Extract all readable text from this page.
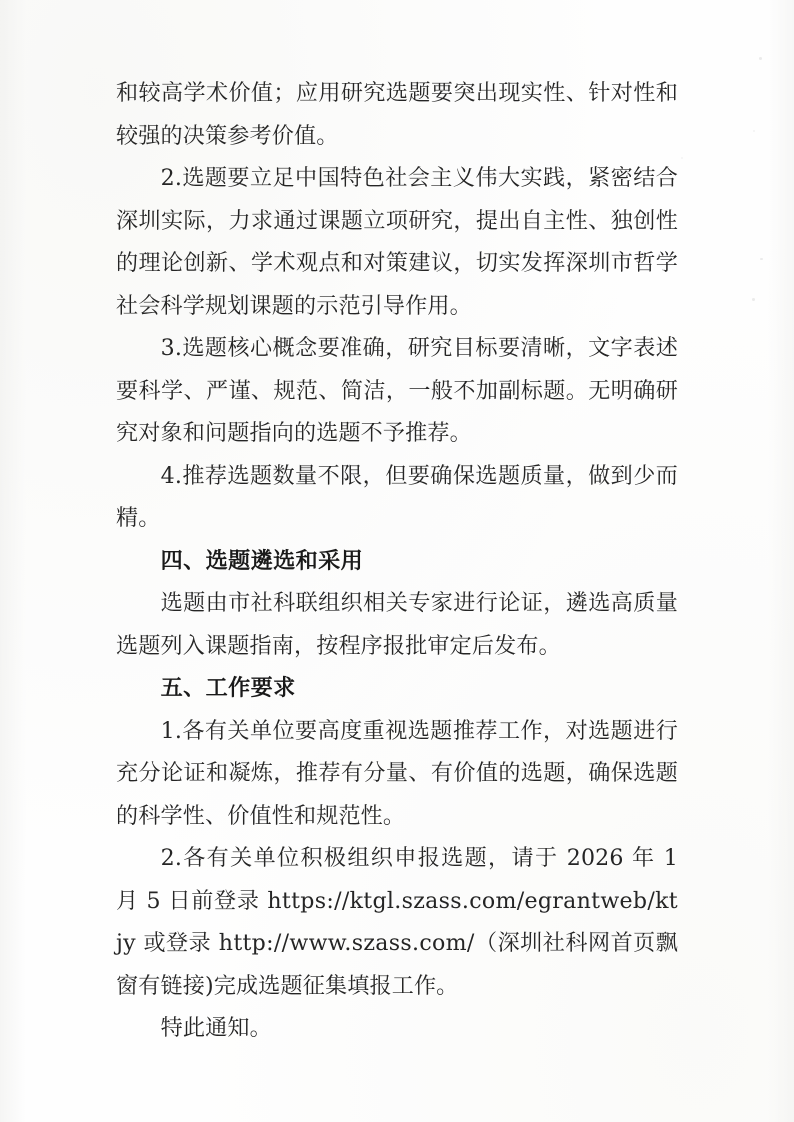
和较高学术价值；应用研究选题要突出现实性、针对性和较强的决策参考价值。

2.选题要立足中国特色社会主义伟大实践，紧密结合深圳实际，力求通过课题立项研究，提出自主性、独创性的理论创新、学术观点和对策建议，切实发挥深圳市哲学社会科学规划课题的示范引导作用。

3.选题核心概念要准确，研究目标要清晰，文字表述要科学、严谨、规范、简洁，一般不加副标题。无明确研究对象和问题指向的选题不予推荐。

4.推荐选题数量不限，但要确保选题质量，做到少而精。

四、选题遴选和采用

选题由市社科联组织相关专家进行论证，遴选高质量选题列入课题指南，按程序报批审定后发布。

五、工作要求

1.各有关单位要高度重视选题推荐工作，对选题进行充分论证和凝炼，推荐有分量、有价值的选题，确保选题的科学性、价值性和规范性。

2.各有关单位积极组织申报选题，请于 2026 年 1 月 5 日前登录 https://ktgl.szass.com/egrantweb/ktjy 或登录 http://www.szass.com/（深圳社科网首页飘窗有链接)完成选题征集填报工作。

特此通知。
